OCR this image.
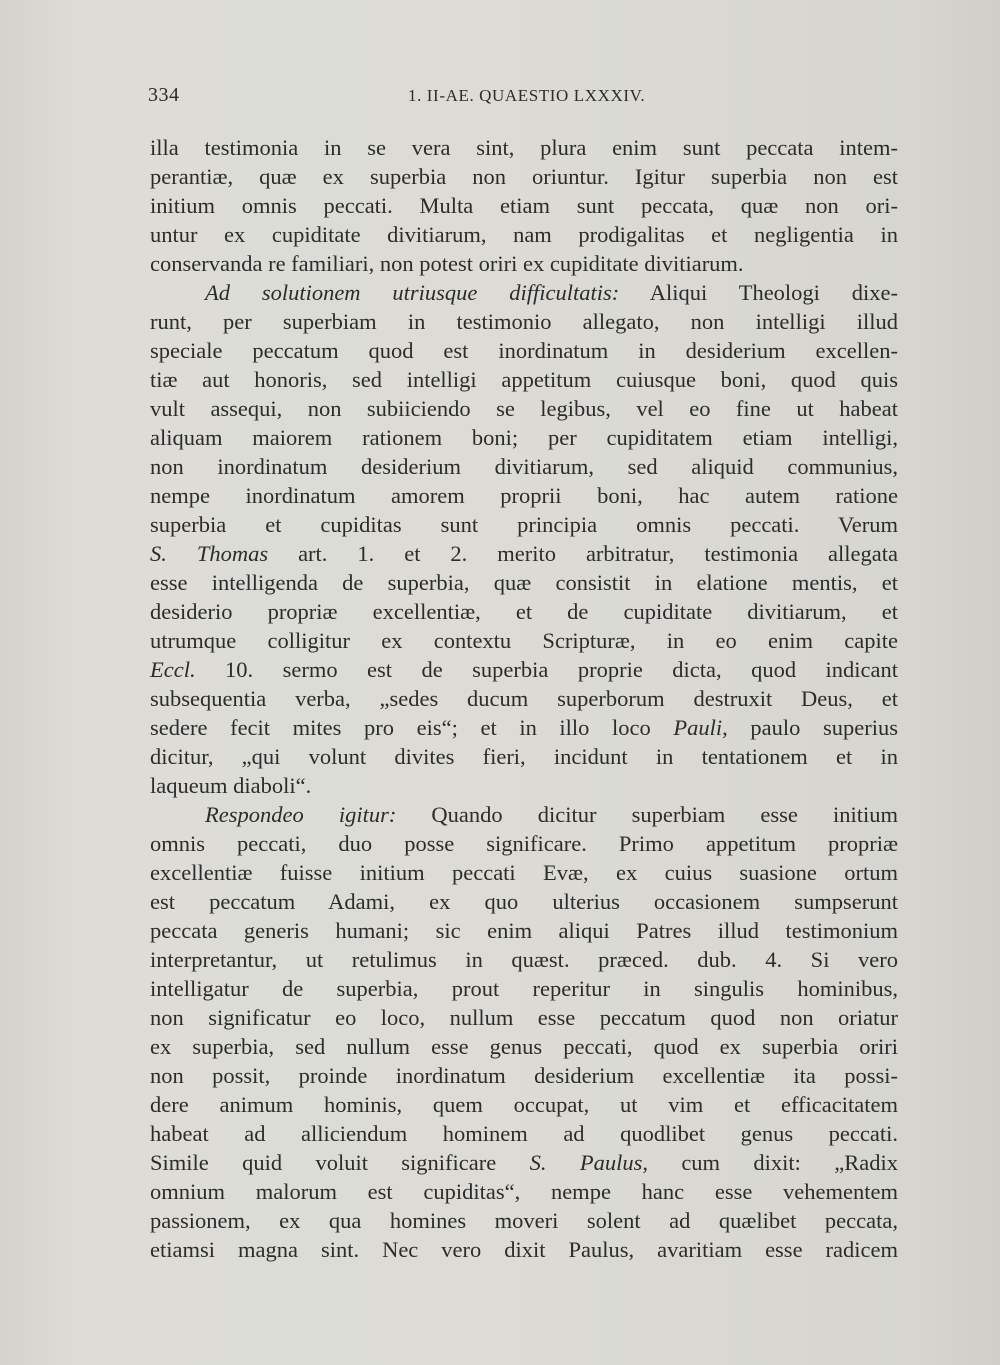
334	1. II-AE. QUAESTIO LXXXIV.
illa testimonia in se vera sint, plura enim sunt peccata intem-
perantiæ, quæ ex superbia non oriuntur. Igitur superbia non est
initium omnis peccati. Multa etiam sunt peccata, quæ non ori-
untur ex cupiditate divitiarum, nam prodigalitas et negligentia in
conservanda re familiari, non potest oriri ex cupiditate divitiarum.
Ad solutionem utriusque difficultatis: Aliqui Theologi dixe-
runt, per superbiam in testimonio allegato, non intelligi illud
speciale peccatum quod est inordinatum in desiderium excellen-
tiæ aut honoris, sed intelligi appetitum cuiusque boni, quod quis
vult assequi, non subiiciendo se legibus, vel eo fine ut habeat
aliquam maiorem rationem boni; per cupiditatem etiam intelligi,
non inordinatum desiderium divitiarum, sed aliquid communius,
nempe inordinatum amorem proprii boni, hac autem ratione
superbia et cupiditas sunt principia omnis peccati. Verum
S. Thomas art. 1. et 2. merito arbitratur, testimonia allegata
esse intelligenda de superbia, quæ consistit in elatione mentis, et
desiderio propriæ excellentiæ, et de cupiditate divitiarum, et
utrumque colligitur ex contextu Scripturæ, in eo enim capite
Eccl. 10. sermo est de superbia proprie dicta, quod indicant
subsequentia verba, „sedes ducum superborum destruxit Deus, et
sedere fecit mites pro eis“; et in illo loco Pauli, paulo superius
dicitur, „qui volunt divites fieri, incidunt in tentationem et in
laqueum diaboli“.
Respondeo igitur: Quando dicitur superbiam esse initium
omnis peccati, duo posse significare. Primo appetitum propriæ
excellentiæ fuisse initium peccati Evæ, ex cuius suasione ortum
est peccatum Adami, ex quo ulterius occasionem sumpserunt
peccata generis humani; sic enim aliqui Patres illud testimonium
interpretantur, ut retulimus in quæst. præced. dub. 4. Si vero
intelligatur de superbia, prout reperitur in singulis hominibus,
non significatur eo loco, nullum esse peccatum quod non oriatur
ex superbia, sed nullum esse genus peccati, quod ex superbia oriri
non possit, proinde inordinatum desiderium excellentiæ ita possi-
dere animum hominis, quem occupat, ut vim et efficacitatem
habeat ad alliciendum hominem ad quodlibet genus peccati.
Simile quid voluit significare S. Paulus, cum dixit: „Radix
omnium malorum est cupiditas“, nempe hanc esse vehementem
passionem, ex qua homines moveri solent ad quælibet peccata,
etiamsi magna sint. Nec vero dixit Paulus, avaritiam esse radicem
